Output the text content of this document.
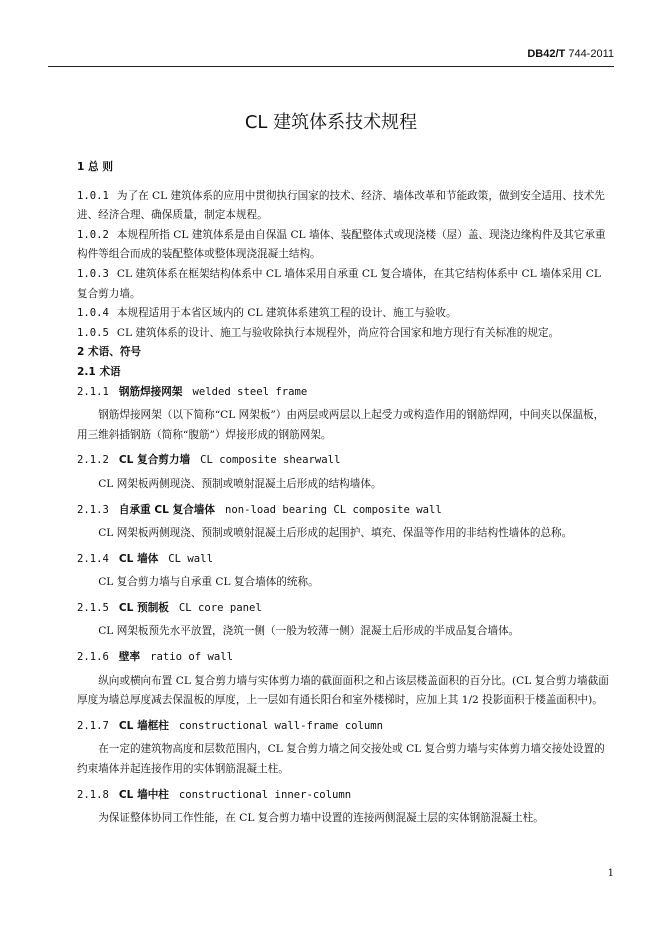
DB42/T 744-2011
CL 建筑体系技术规程

1 总 则

1.0.1 为了在 CL 建筑体系的应用中贯彻执行国家的技术、经济、墙体改革和节能政策，做到安全适用、技术先进、经济合理、确保质量，制定本规程。

1.0.2 本规程所指 CL 建筑体系是由自保温 CL 墙体、装配整体式或现浇楼（屋）盖、现浇边缘构件及其它承重构件等组合而成的装配整体或整体现浇混凝土结构。

1.0.3 CL 建筑体系在框架结构体系中 CL 墙体采用自承重 CL 复合墙体，在其它结构体系中 CL 墙体采用 CL 复合剪力墙。

1.0.4 本规程适用于本省区域内的 CL 建筑体系建筑工程的设计、施工与验收。

1.0.5 CL 建筑体系的设计、施工与验收除执行本规程外，尚应符合国家和地方现行有关标准的规定。

2 术语、符号

2.1 术语

2.1.1 钢筋焊接网架 welded steel frame

钢筋焊接网架（以下简称“CL 网架板”）由两层或两层以上起受力或构造作用的钢筋焊网，中间夹以保温板，用三维斜插钢筋（简称“腹筋”）焊接形成的钢筋网架。

2.1.2 CL 复合剪力墙 CL composite shearwall

CL 网架板两侧现浇、预制或喷射混凝土后形成的结构墙体。

2.1.3 自承重 CL 复合墙体 non-load bearing CL composite wall

CL 网架板两侧现浇、预制或喷射混凝土后形成的起围护、填充、保温等作用的非结构性墙体的总称。

2.1.4 CL 墙体 CL wall

CL 复合剪力墙与自承重 CL 复合墙体的统称。

2.1.5 CL 预制板 CL core panel

CL 网架板预先水平放置，浇筑一侧（一般为较薄一侧）混凝土后形成的半成品复合墙体。

2.1.6 壁率 ratio of wall

纵向或横向布置 CL 复合剪力墙与实体剪力墙的截面面积之和占该层楼盖面积的百分比。(CL 复合剪力墙截面厚度为墙总厚度减去保温板的厚度，上一层如有通长阳台和室外楼梯时，应加上其 1/2 投影面积于楼盖面积中)。

2.1.7 CL 墙框柱 constructional wall-frame column

在一定的建筑物高度和层数范围内，CL 复合剪力墙之间交接处或 CL 复合剪力墙与实体剪力墙交接处设置的约束墙体并起连接作用的实体钢筋混凝土柱。

2.1.8 CL 墙中柱 constructional inner-column

为保证整体协同工作性能，在 CL 复合剪力墙中设置的连接两侧混凝土层的实体钢筋混凝土柱。

1
